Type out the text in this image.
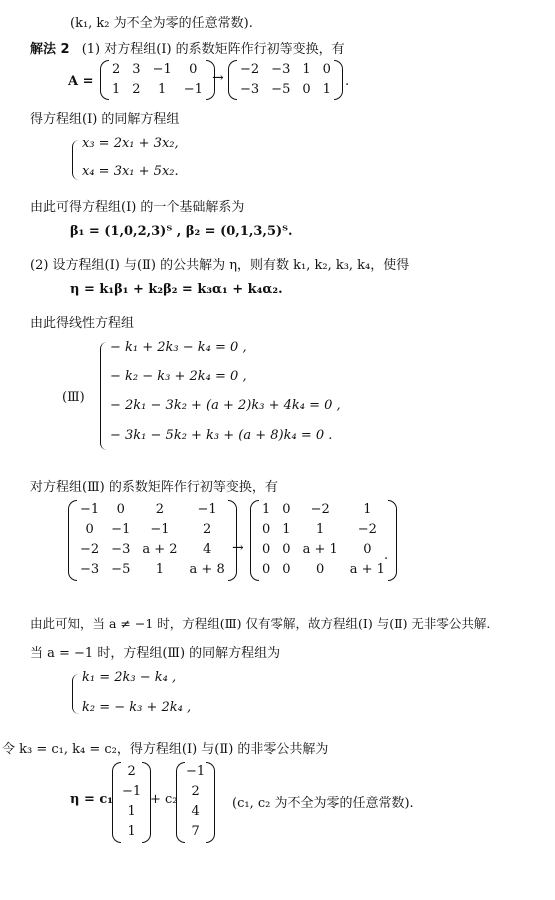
(k₁, k₂ 为不全为零的任意常数).
解法 2 (1) 对方程组(Ⅰ) 的系数矩阵作行初等变换，有
A =
2	3	−1	0
1	2	1	−1
→
−2	−3	1	0
−3	−5	0	1
.
得方程组(Ⅰ) 的同解方程组
x₃ = 2x₁ + 3x₂,
x₄ = 3x₁ + 5x₂.
由此可得方程组(Ⅰ) 的一个基础解系为
β₁ = (1,0,2,3)ᵀ , β₂ = (0,1,3,5)ᵀ.
(2) 设方程组(Ⅰ) 与(Ⅱ) 的公共解为 η，则有数 k₁, k₂, k₃, k₄，使得
η = k₁β₁ + k₂β₂ = k₃α₁ + k₄α₂.
由此得线性方程组
(Ⅲ)
− k₁ + 2k₃ − k₄ = 0 ,
− k₂ − k₃ + 2k₄ = 0 ,
− 2k₁ − 3k₂ + (a + 2)k₃ + 4k₄ = 0 ,
− 3k₁ − 5k₂ + k₃ + (a + 8)k₄ = 0 .
对方程组(Ⅲ) 的系数矩阵作行初等变换，有
−1	0	2	−1
0	−1	−1	2
−2	−3	a + 2	4
−3	−5	1	a + 8
→
1	0	−2	1
0	1	1	−2
0	0	a + 1	0
0	0	0	a + 1
.
由此可知，当 a ≠ −1 时，方程组(Ⅲ) 仅有零解，故方程组(Ⅰ) 与(Ⅱ) 无非零公共解.
当 a = −1 时，方程组(Ⅲ) 的同解方程组为
k₁ = 2k₃ − k₄ ,
k₂ = − k₃ + 2k₄ ,
令 k₃ = c₁, k₄ = c₂，得方程组(Ⅰ) 与(Ⅱ) 的非零公共解为
η = c₁
2
−1
1
1
+ c₂
−1
2
4
7
(c₁, c₂ 为不全为零的任意常数).
